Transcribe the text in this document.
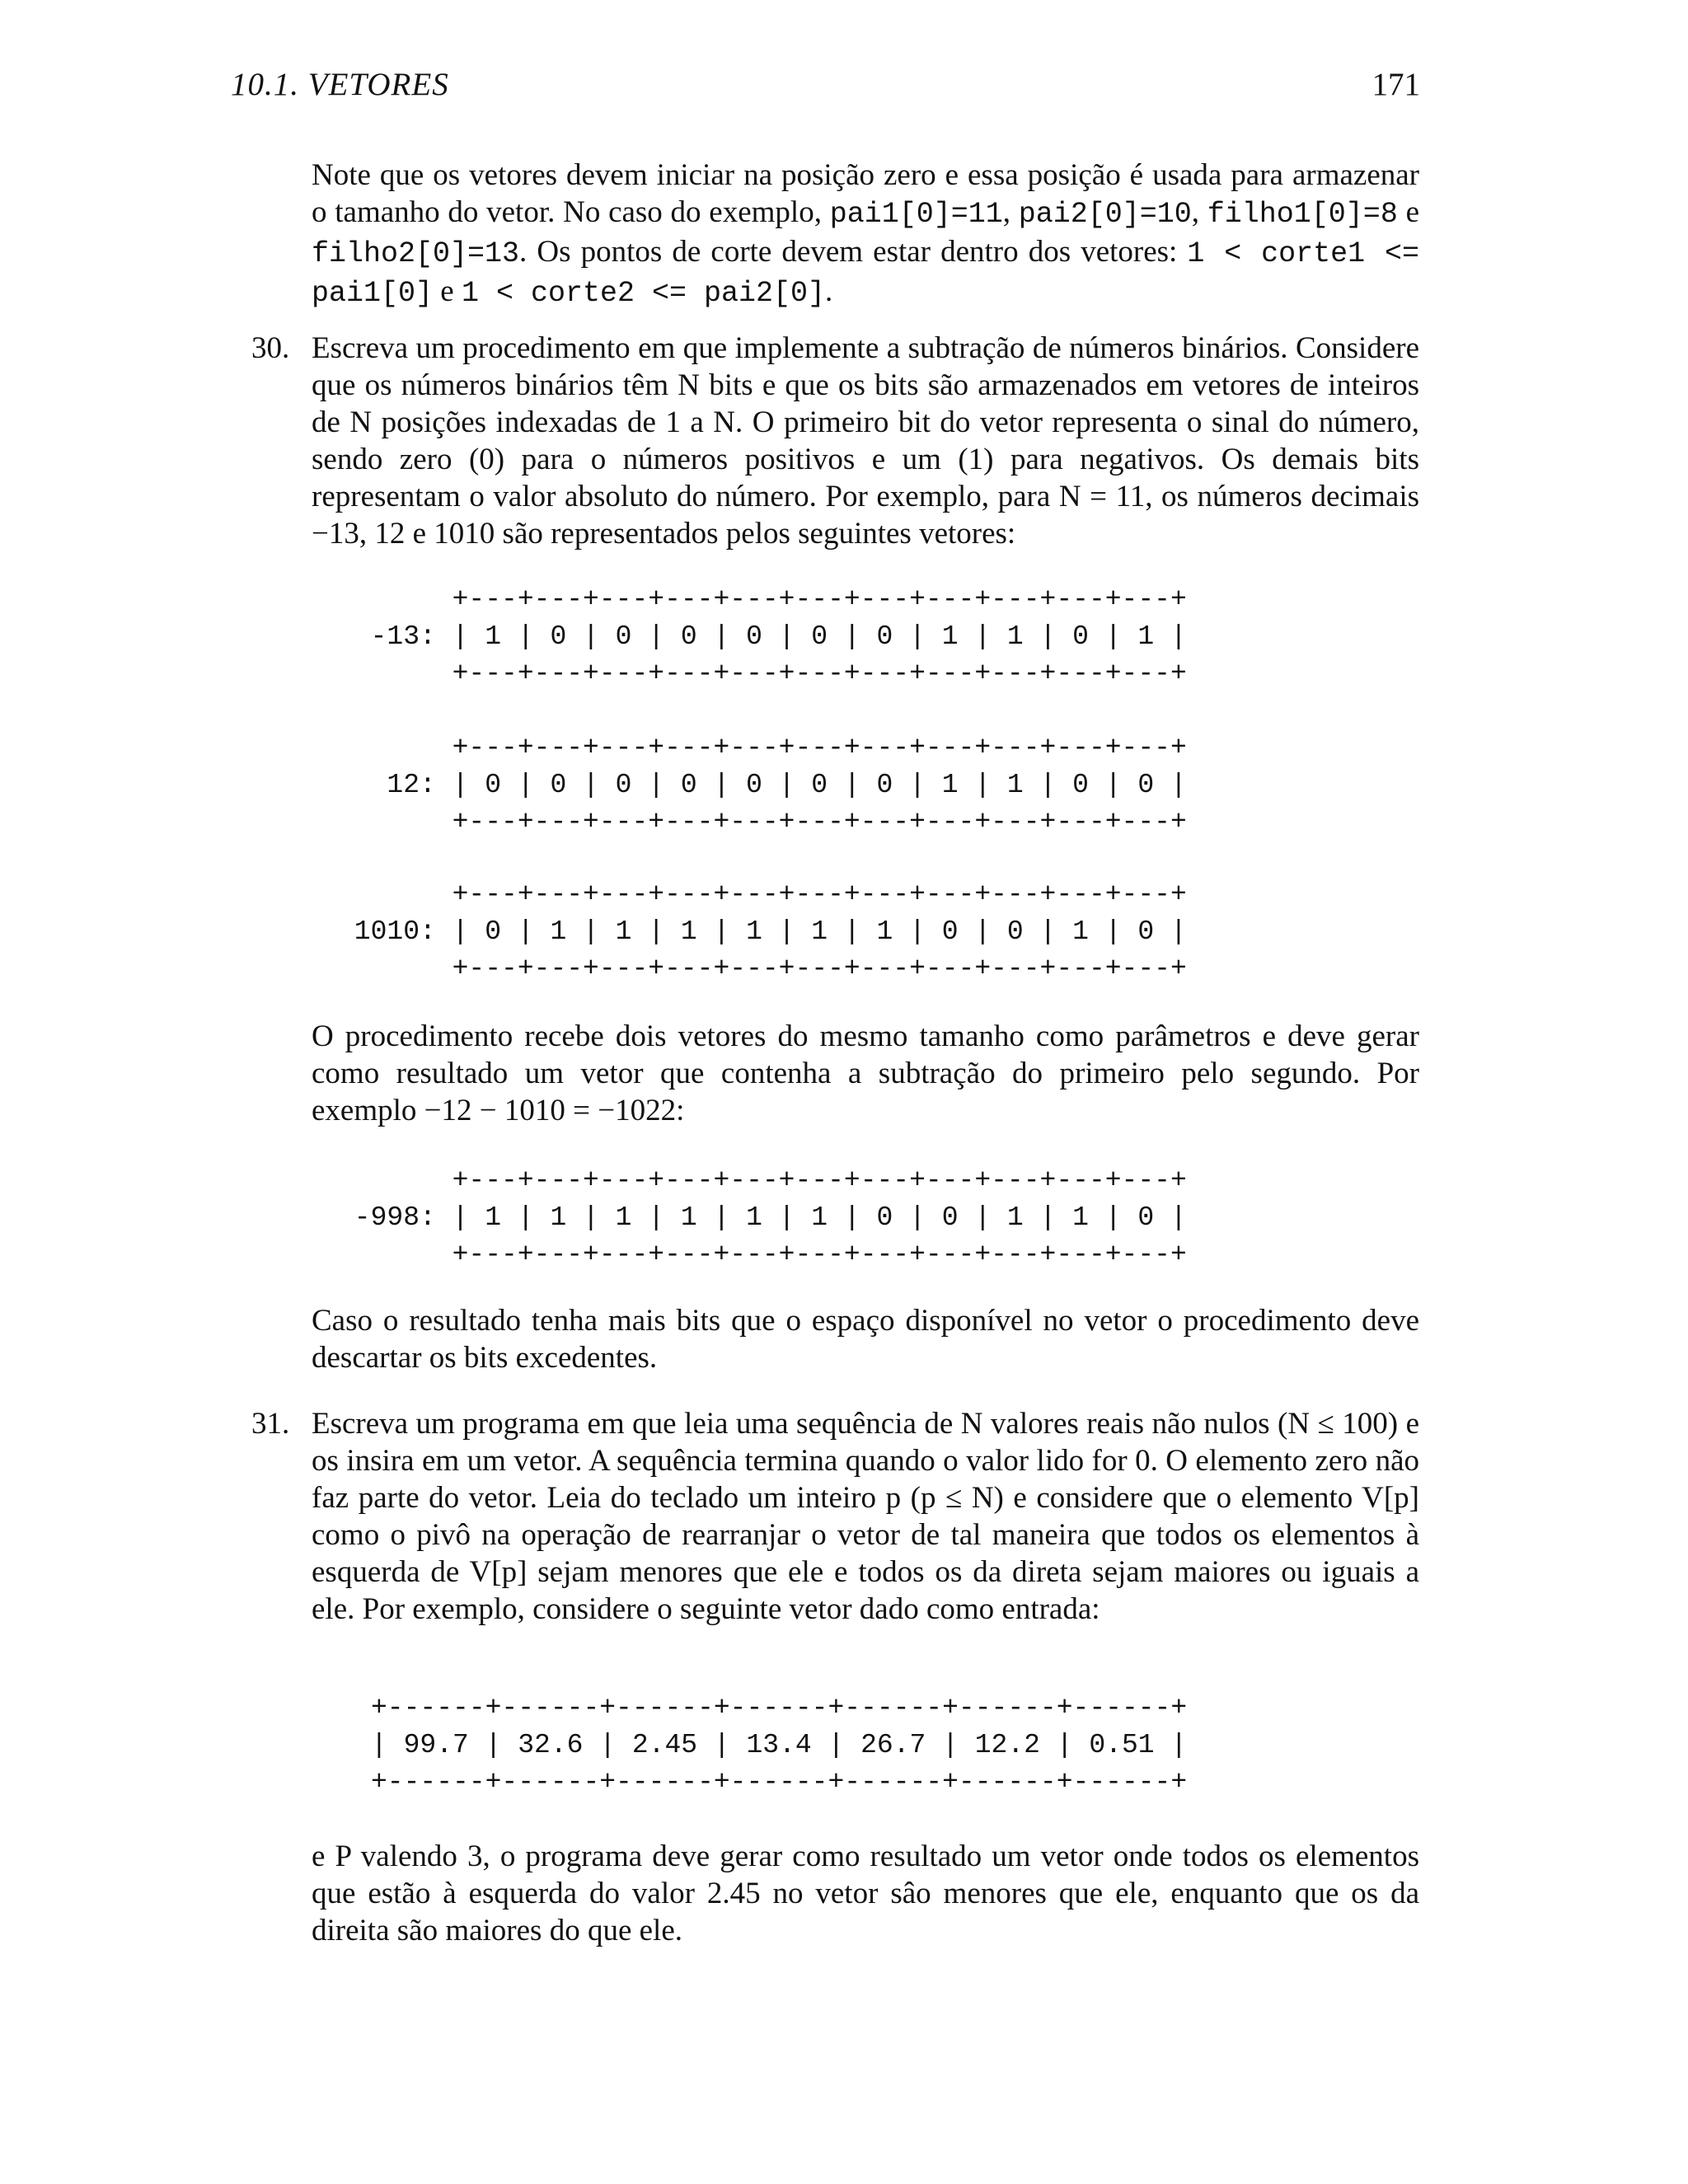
10.1. VETORES	171

Note que os vetores devem iniciar na posição zero e essa posição é usada para armazenar o tamanho do vetor. No caso do exemplo, pai1[0]=11, pai2[0]=10, filho1[0]=8 e filho2[0]=13. Os pontos de corte devem estar dentro dos vetores: 1 < corte1 <= pai1[0] e 1 < corte2 <= pai2[0].

30. Escreva um procedimento em que implemente a subtração de números binários. Considere que os números binários têm N bits e que os bits são armazenados em vetores de inteiros de N posições indexadas de 1 a N. O primeiro bit do vetor representa o sinal do número, sendo zero (0) para o números positivos e um (1) para negativos. Os demais bits representam o valor absoluto do número. Por exemplo, para N = 11, os números decimais −13, 12 e 1010 são representados pelos seguintes vetores:

+---+---+---+---+---+---+---+---+---+---+---+
-13: | 1 | 0 | 0 | 0 | 0 | 0 | 0 | 1 | 1 | 0 | 1 |
+---+---+---+---+---+---+---+---+---+---+---+
+---+---+---+---+---+---+---+---+---+---+---+
12: | 0 | 0 | 0 | 0 | 0 | 0 | 0 | 1 | 1 | 0 | 0 |
+---+---+---+---+---+---+---+---+---+---+---+
+---+---+---+---+---+---+---+---+---+---+---+
1010: | 0 | 1 | 1 | 1 | 1 | 1 | 1 | 0 | 0 | 1 | 0 |
+---+---+---+---+---+---+---+---+---+---+---+

O procedimento recebe dois vetores do mesmo tamanho como parâmetros e deve gerar como resultado um vetor que contenha a subtração do primeiro pelo segundo. Por exemplo −12 − 1010 = −1022:

+---+---+---+---+---+---+---+---+---+---+---+
-998: | 1 | 1 | 1 | 1 | 1 | 1 | 0 | 0 | 1 | 1 | 0 |
+---+---+---+---+---+---+---+---+---+---+---+

Caso o resultado tenha mais bits que o espaço disponível no vetor o procedimento deve descartar os bits excedentes.

31. Escreva um programa em que leia uma sequência de N valores reais não nulos (N ≤ 100) e os insira em um vetor. A sequência termina quando o valor lido for 0. O elemento zero não faz parte do vetor. Leia do teclado um inteiro p (p ≤ N) e considere que o elemento V[p] como o pivô na operação de rearranjar o vetor de tal maneira que todos os elementos à esquerda de V[p] sejam menores que ele e todos os da direta sejam maiores ou iguais a ele. Por exemplo, considere o seguinte vetor dado como entrada:

+------+------+------+------+------+------+------+
| 99.7 | 32.6 | 2.45 | 13.4 | 26.7 | 12.2 | 0.51 |
+------+------+------+------+------+------+------+

e P valendo 3, o programa deve gerar como resultado um vetor onde todos os elementos que estão à esquerda do valor 2.45 no vetor sâo menores que ele, enquanto que os da direita são maiores do que ele.
